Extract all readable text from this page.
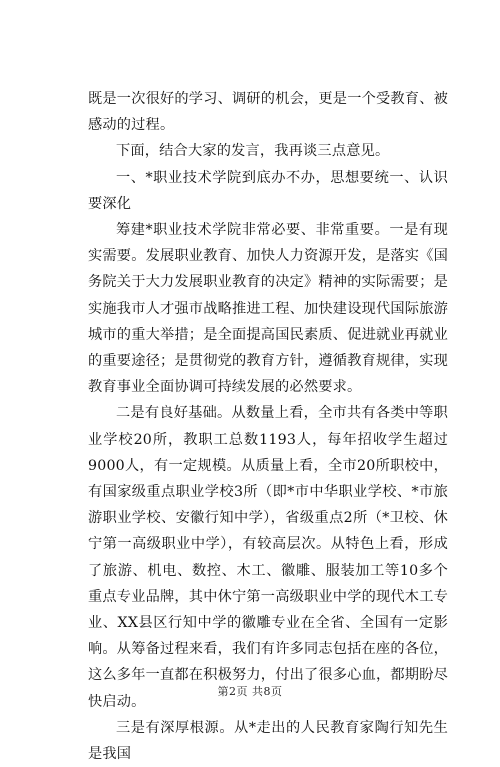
既是一次很好的学习、调研的机会，更是一个受教育、被感动的过程。

下面，结合大家的发言，我再谈三点意见。

一、*职业技术学院到底办不办，思想要统一、认识要深化

筹建*职业技术学院非常必要、非常重要。一是有现实需要。发展职业教育、加快人力资源开发，是落实《国务院关于大力发展职业教育的决定》精神的实际需要；是实施我市人才强市战略推进工程、加快建设现代国际旅游城市的重大举措；是全面提高国民素质、促进就业再就业的重要途径；是贯彻党的教育方针，遵循教育规律，实现教育事业全面协调可持续发展的必然要求。

二是有良好基础。从数量上看，全市共有各类中等职业学校20所，教职工总数1193人，每年招收学生超过9000人，有一定规模。从质量上看，全市20所职校中，有国家级重点职业学校3所（即*市中华职业学校、*市旅游职业学校、安徽行知中学），省级重点2所（*卫校、休宁第一高级职业中学），有较高层次。从特色上看，形成了旅游、机电、数控、木工、徽雕、服装加工等10多个重点专业品牌，其中休宁第一高级职业中学的现代木工专业、XX县区行知中学的徽雕专业在全省、全国有一定影响。从筹备过程来看，我们有许多同志包括在座的各位，这么多年一直都在积极努力，付出了很多心血，都期盼尽快启动。

三是有深厚根源。从*走出的人民教育家陶行知先生是我国

第2页 共8页
